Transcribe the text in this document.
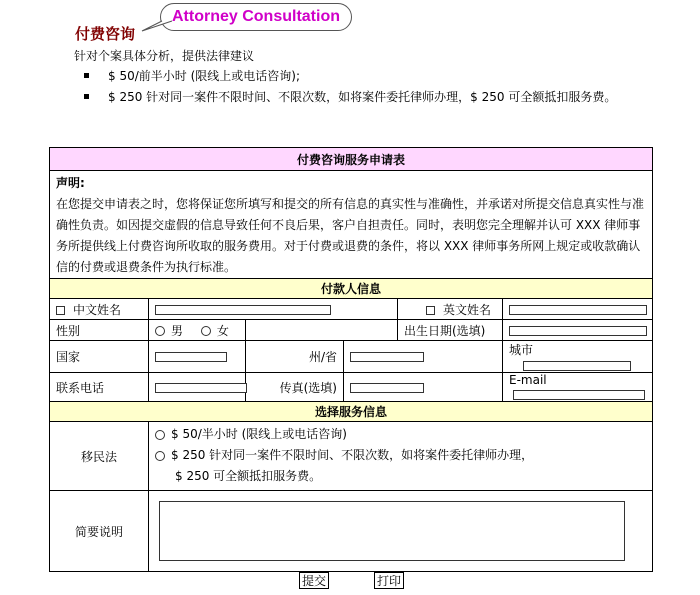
Attorney Consultation
付费咨询
针对个案具体分析，提供法律建议
$ 50/前半小时 (限线上或电话咨询);
$ 250 针对同一案件不限时间、不限次数，如将案件委托律师办理，$ 250 可全额抵扣服务费。
付费咨询服务申请表					

声明:
在您提交申请表之时，您将保证您所填写和提交的所有信息的真实性与准确性，并承诺对所提交信息真实性与准确性负责。如因提交虚假的信息导致任何不良后果，客户自担责任。同时，表明您完全理解并认可 XXX 律师事务所提供线上付费咨询所收取的服务费用。对于付费或退费的条件，将以 XXX 律师事务所网上规定或收款确认信的付费或退费条件为执行标准。					
付款人信息					
中文姓名				英文姓名	
性别	男 女			出生日期(选填)	
国家		州/省			城市
联系电话		传真(选填)			E-mail
选择服务信息					
移民法	$ 50/半小时 (限线上或电话咨询)
$ 250 针对同一案件不限时间、不限次数，如将案件委托律师办理，
$ 250 可全额抵扣服务费。				

简要说明					
提交	打印
